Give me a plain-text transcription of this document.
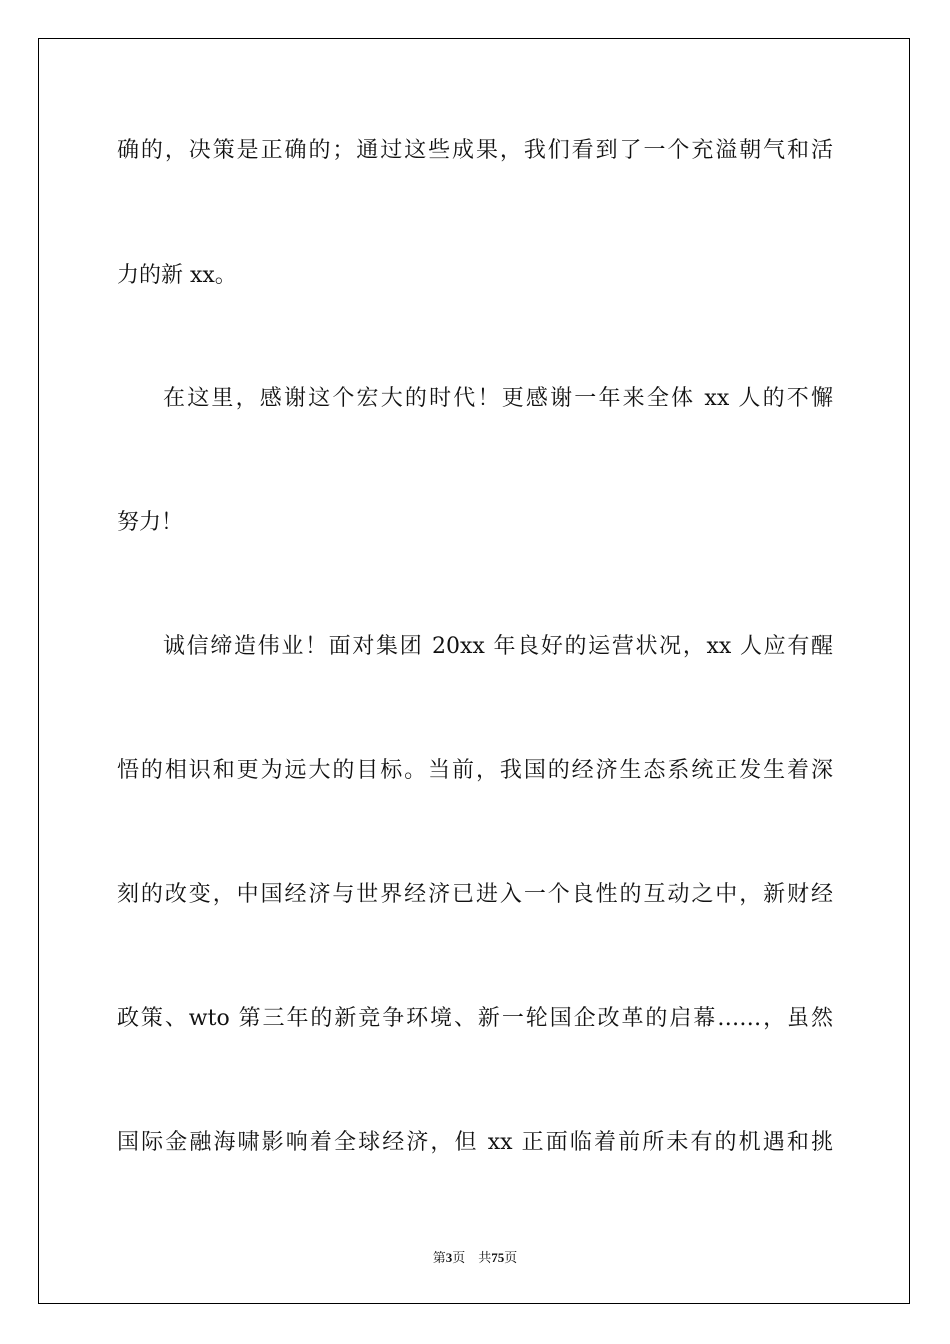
确的，决策是正确的；通过这些成果，我们看到了一个充溢朝气和活
力的新 xx。
在这里，感谢这个宏大的时代！更感谢一年来全体 xx 人的不懈
努力！
诚信缔造伟业！面对集团 20xx 年良好的运营状况，xx 人应有醒
悟的相识和更为远大的目标。当前，我国的经济生态系统正发生着深
刻的改变，中国经济与世界经济已进入一个良性的互动之中，新财经
政策、wto 第三年的新竞争环境、新一轮国企改革的启幕……，虽然
国际金融海啸影响着全球经济，但 xx 正面临着前所未有的机遇和挑
第3页　共75页
